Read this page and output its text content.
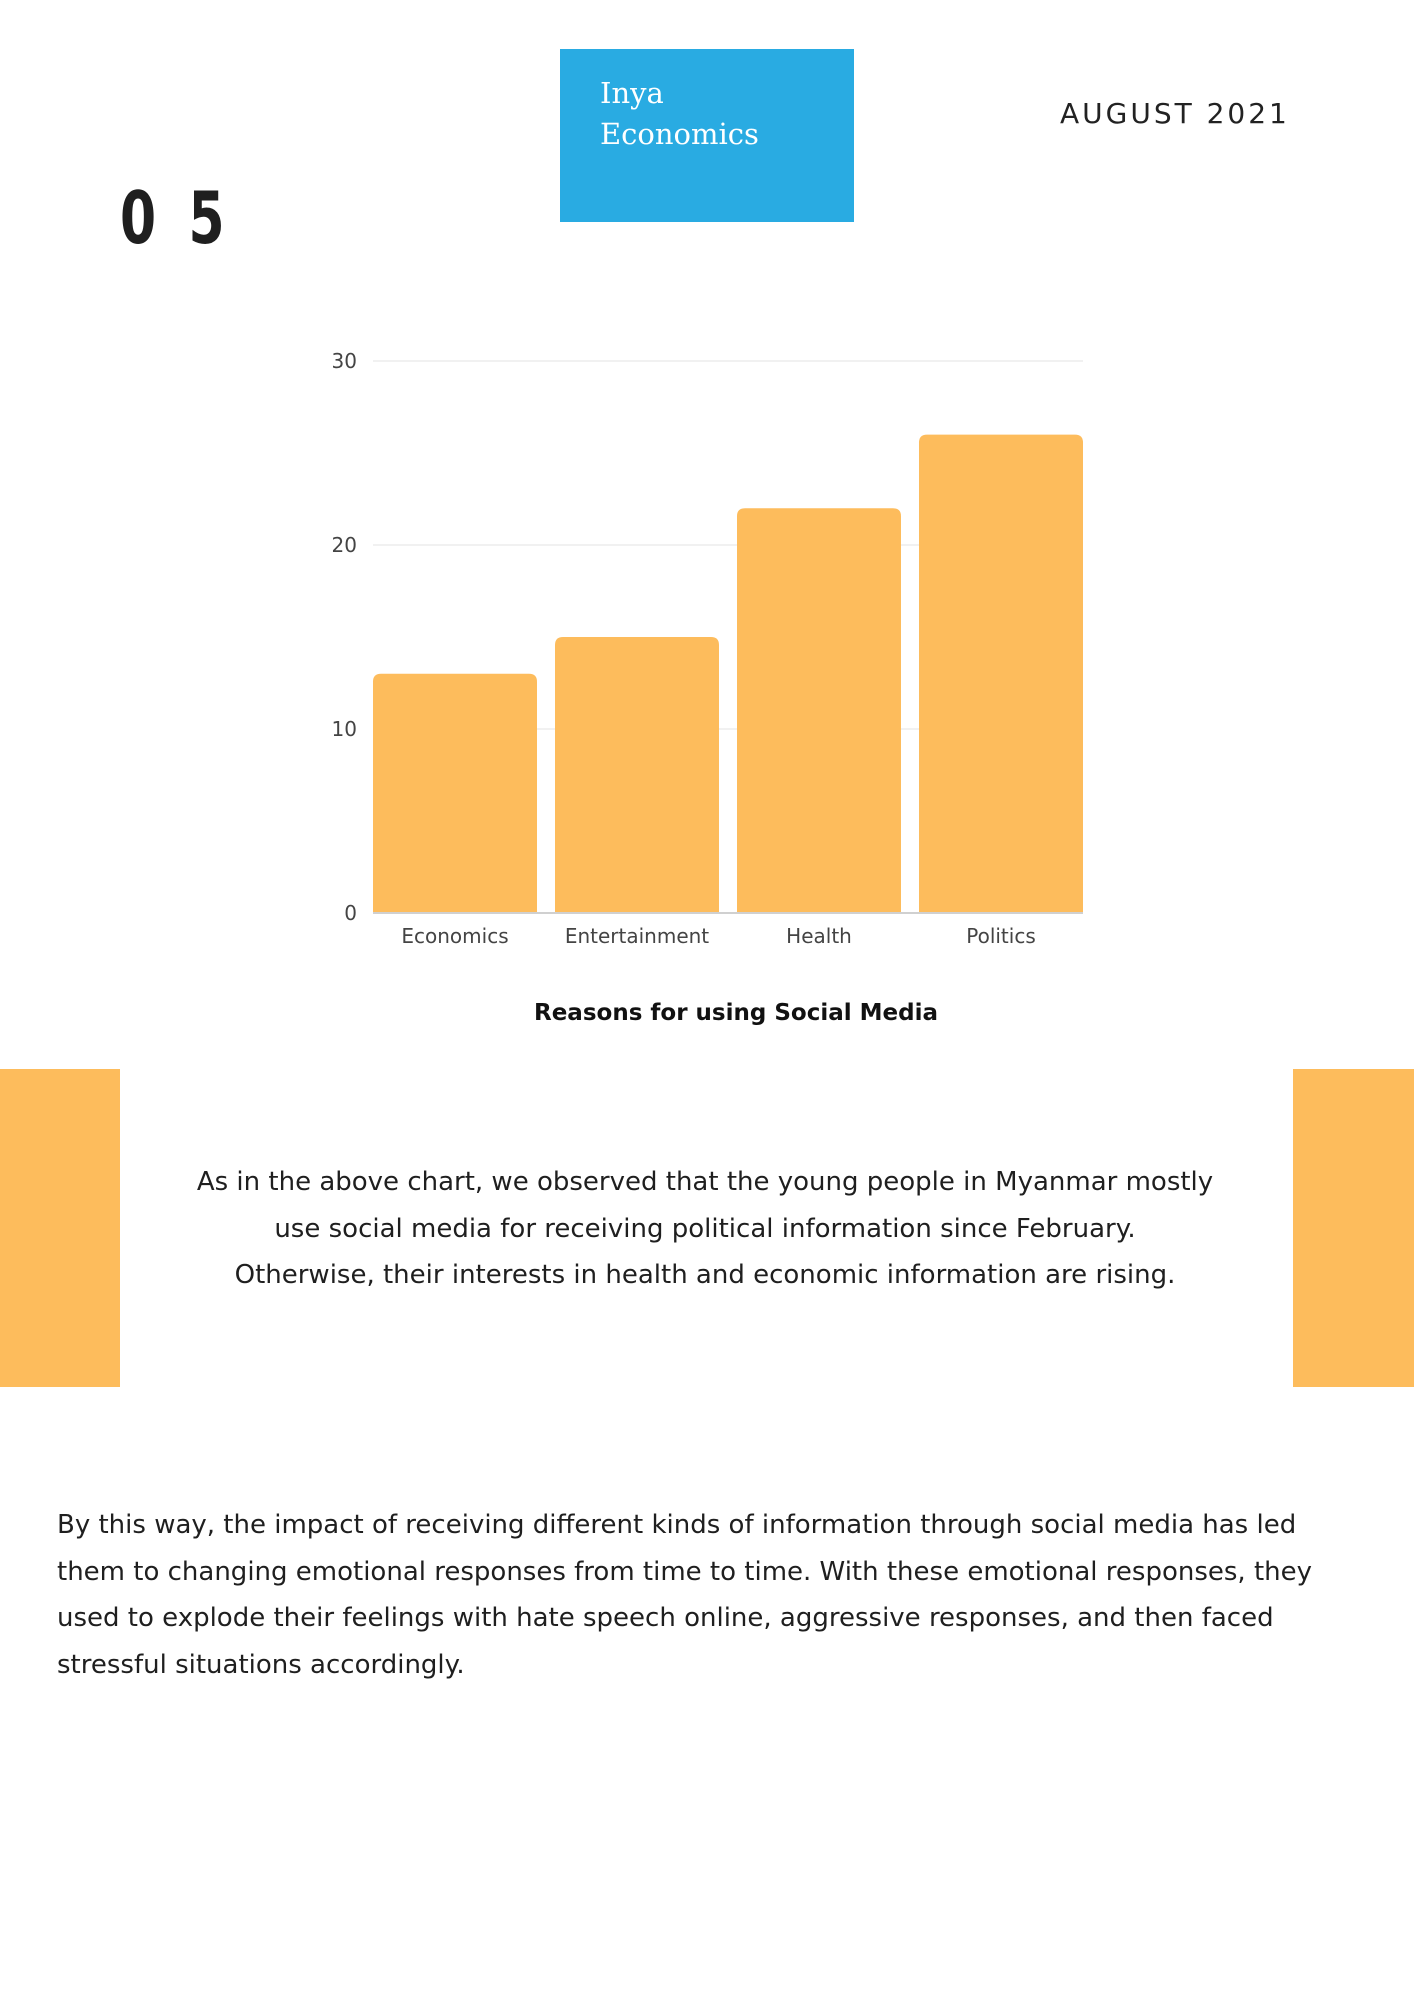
Inya
Economics
AUGUST 2021
0 5
0
10
20
30
Economics	Entertainment	Health	Politics
Reasons for using Social Media

As in the above chart, we observed that the young people in Myanmar mostly
use social media for receiving political information since February.
Otherwise, their interests in health and economic information are rising.

By this way, the impact of receiving different kinds of information through social media has led
them to changing emotional responses from time to time. With these emotional responses, they
used to explode their feelings with hate speech online, aggressive responses, and then faced
stressful situations accordingly.
